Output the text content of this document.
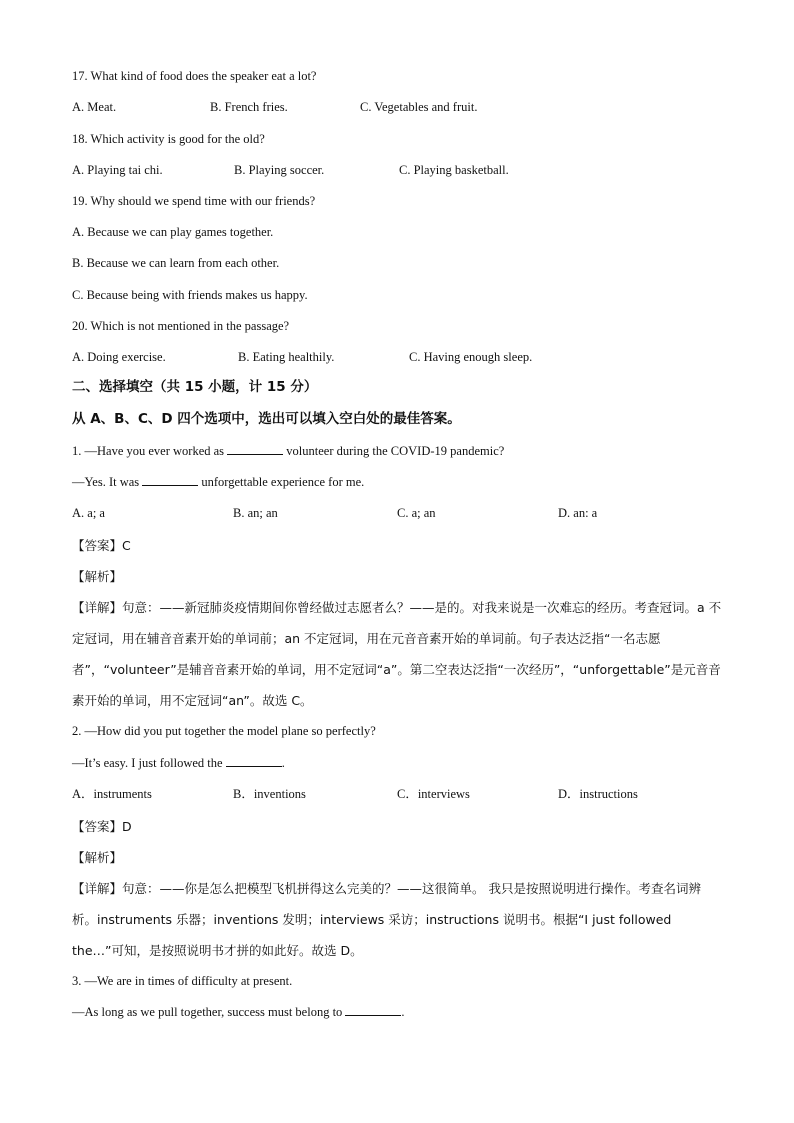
17. What kind of food does the speaker eat a lot?
A. Meat.	B. French fries.	C. Vegetables and fruit.
18. Which activity is good for the old?
A. Playing tai chi.	B. Playing soccer.	C. Playing basketball.
19. Why should we spend time with our friends?
A. Because we can play games together.
B. Because we can learn from each other.
C. Because being with friends makes us happy.
20. Which is not mentioned in the passage?
A. Doing exercise.	B. Eating healthily.	C. Having enough sleep.
二、选择填空（共 15 小题，计 15 分）
从 A、B、C、D 四个选项中，选出可以填入空白处的最佳答案。
1. —Have you ever worked as	volunteer during the COVID-19 pandemic?
—Yes. It was	unforgettable experience for me.
A. a; a	B. an; an	C. a; an	D. an: a
【答案】C
【解析】
【详解】句意：——新冠肺炎疫情期间你曾经做过志愿者么？——是的。对我来说是一次难忘的经历。考查冠词。a 不定冠词，用在辅音音素开始的单词前；an 不定冠词，用在元音音素开始的单词前。句子表达泛指“一名志愿者”，“volunteer”是辅音音素开始的单词，用不定冠词“a”。第二空表达泛指“一次经历”，“unforgettable”是元音音素开始的单词，用不定冠词“an”。故选 C。
2. —How did you put together the model plane so perfectly?
—It’s easy. I just followed the	.
A．instruments	B．inventions	C．interviews	D．instructions
【答案】D
【解析】
【详解】句意：——你是怎么把模型飞机拼得这么完美的？——这很简单。 我只是按照说明进行操作。考查名词辨析。instruments 乐器；inventions 发明；interviews 采访；instructions 说明书。根据“I just followed the…”可知，是按照说明书才拼的如此好。故选 D。
3. —We are in times of difficulty at present.
—As long as we pull together, success must belong to	.
